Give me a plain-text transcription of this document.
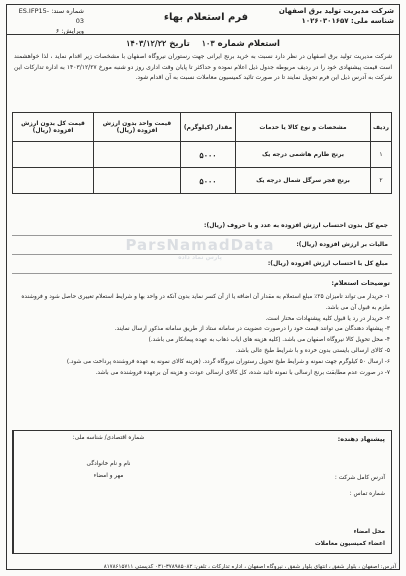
شرکت مدیریت تولید برق اصفهان
شناسه ملی: ۱۰۲۶۰۳۰۱۶۵۷
فرم استعلام بهاء
شماره سند: ES.IFP15-03
ویرایش: ۶
استعلام شماره ۱۰۳    تاریخ ۱۴۰۳/۱۲/۲۲
شرکت مدیریت تولید برق اصفهان در نظر دارد نسبت به خرید برنج ایرانی جهت رستوران نیروگاه اصفهان با مشخصات زیر اقدام نماید ، لذا خواهشمند است قیمت پیشنهادی خود را در ردیف مربوطه جدول ذیل اعلام نموده و حداکثر تا پایان وقت اداری روز دو شنبه مورخ ۱۴۰۳/۱۲/۲۷ به اداره تدارکات این شرکت به آدرس ذیل این فرم تحویل نمایند تا در صورت تائید کمیسیون معاملات نسبت به آن اقدام شود.
ردیف	مشخصات و نوع کالا یا خدمات	مقدار (کیلوگرم)	قیمت واحد بدون ارزش افزوده (ریال)	قیمت کل بدون ارزش افزوده (ریال)
۱	برنج طارم هاشمی درجه یک	۵۰۰۰		
۲	برنج فجر سرگل شمال درجه یک	۵۰۰۰		
جمع کل بدون احتساب ارزش افزوده به عدد و با حروف (ریال):
مالیات بر ارزش افزوده (ریال):
مبلغ کل با احتساب ارزش افزوده (ریال):
ParsNamadData
پارس نماد داده
توضیحات استعلام:
۱- خریدار می تواند تامیزان ۲۵٪ مبلغ استعلام به مقدار آن اضافه یا از آن کسر نماید بدون آنکه در واحد بها و شرایط استعلام تغییری حاصل شود و فروشنده ملزم به قبول آن می باشد.
۲- خریدار در رد یا قبول کلیه پیشنهادات مختار است.
۳- پیشنهاد دهندگان می توانند قیمت خود را درصورت عضویت در سامانه ستاد از طریق سامانه مذکور ارسال نمایند.
۴- محل تحویل کالا نیروگاه اصفهان می باشد. (کلیه هزینه های ایاب ذهاب به عهده پیمانکار می باشد.)
۵- کالای ارسالی بایستی بدون خرده و با شرایط طبخ عالی باشد.
۶- ارسال ۵۰ کیلوگرم جهت نمونه و شرایط طبخ تحویل رستوران نیروگاه گردد. (هزینه کالای نمونه به عهده فروشنده پرداخت می شود.)
۷- در صورت عدم مطابقت برنج ارسالی با نمونه تائید شده، کل کالای ارسالی عودت و هزینه آن برعهده فروشنده می باشد.
پیشنهاد دهنده:
آدرس کامل شرکت :
شماره تماس :
محل امضاء
اعضاء کمیسیون معاملات
شماره اقتصادی/ شناسه ملی:
نام و نام خانوادگی
مهر و امضاء
آدرس: اصفهان ، بلوار شفق ، انتهای بلوار شفق ، نیروگاه اصفهان ، اداره تدارکات ، تلفن: ۳۷۸۹۸۵۰۸۲-۰۳۱ کدپستی ۸۱۷۸۶۱۵۷۱۱
